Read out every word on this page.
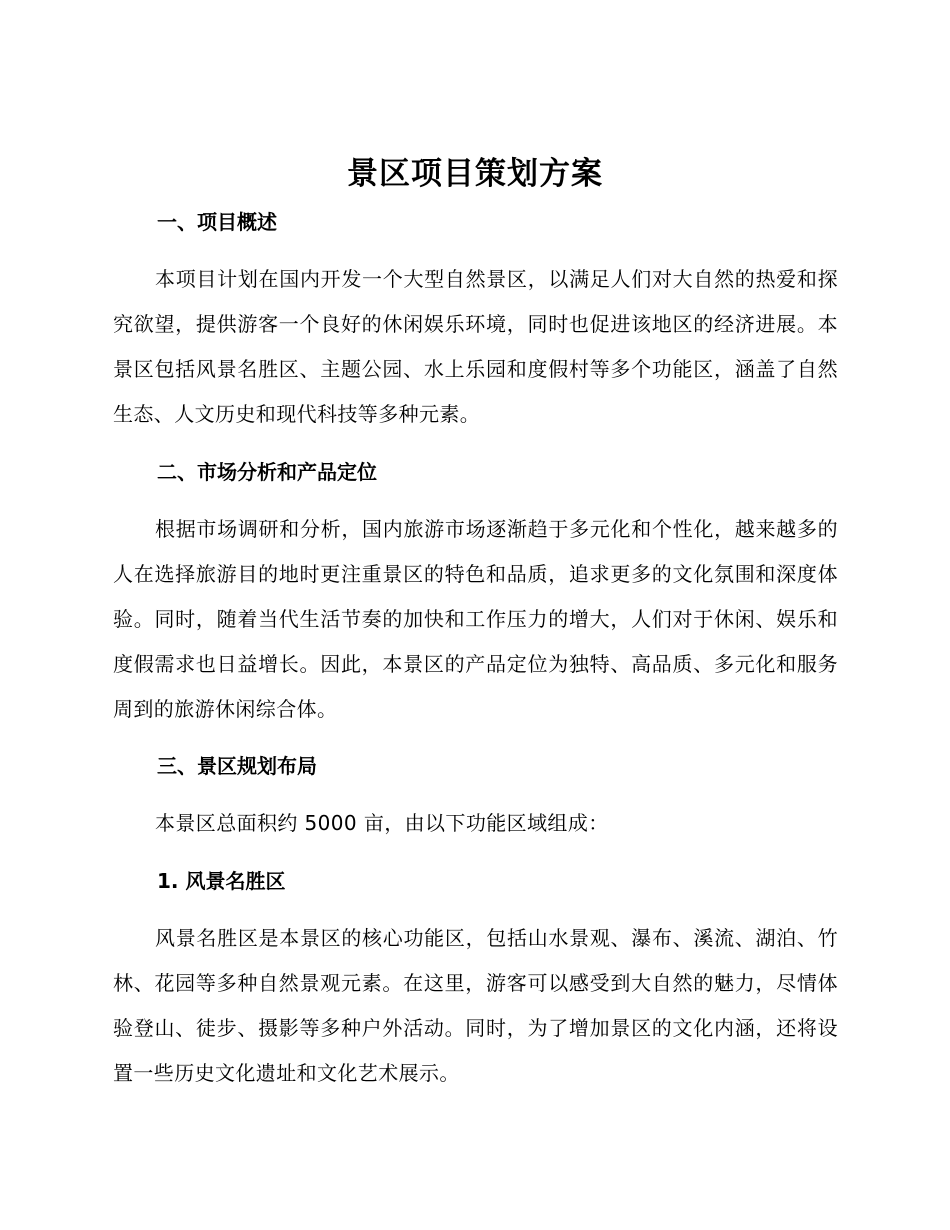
景区项目策划方案
一、项目概述

本项目计划在国内开发一个大型自然景区，以满足人们对大自然的热爱和探究欲望，提供游客一个良好的休闲娱乐环境，同时也促进该地区的经济进展。本景区包括风景名胜区、主题公园、水上乐园和度假村等多个功能区，涵盖了自然生态、人文历史和现代科技等多种元素。

二、市场分析和产品定位

根据市场调研和分析，国内旅游市场逐渐趋于多元化和个性化，越来越多的人在选择旅游目的地时更注重景区的特色和品质，追求更多的文化氛围和深度体验。同时，随着当代生活节奏的加快和工作压力的增大，人们对于休闲、娱乐和度假需求也日益增长。因此，本景区的产品定位为独特、高品质、多元化和服务周到的旅游休闲综合体。

三、景区规划布局

本景区总面积约 5000 亩，由以下功能区域组成：

1. 风景名胜区

风景名胜区是本景区的核心功能区，包括山水景观、瀑布、溪流、湖泊、竹林、花园等多种自然景观元素。在这里，游客可以感受到大自然的魅力，尽情体验登山、徒步、摄影等多种户外活动。同时，为了增加景区的文化内涵，还将设置一些历史文化遗址和文化艺术展示。
